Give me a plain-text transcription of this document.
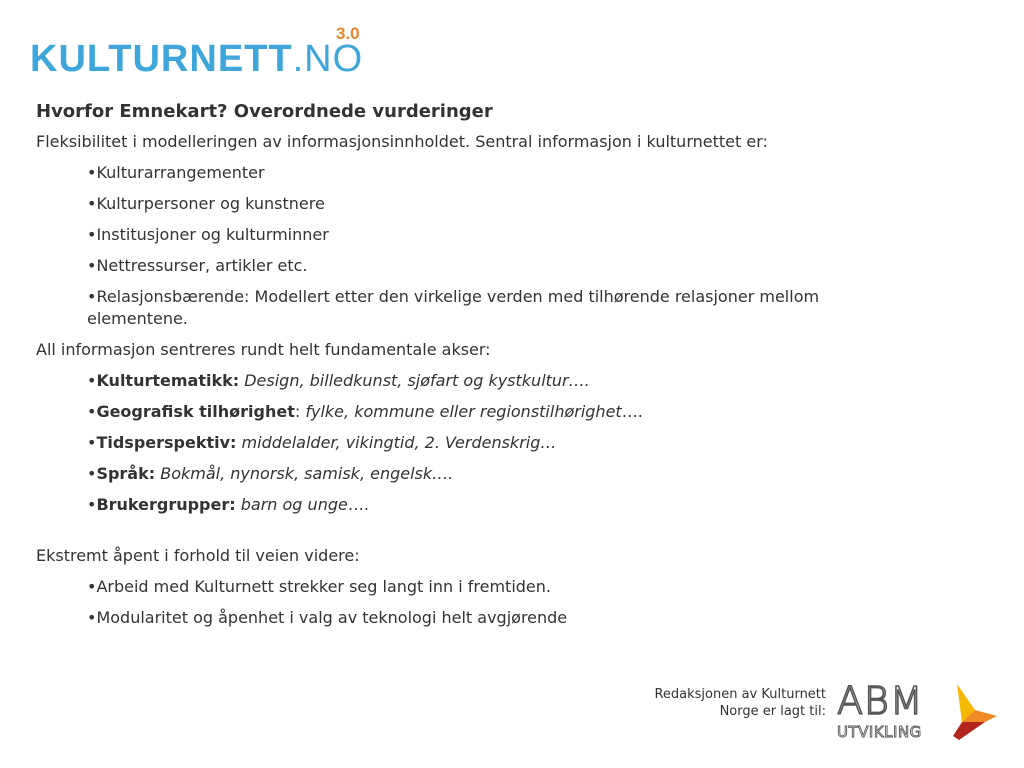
KULTURNETT.NO
3.0
Hvorfor Emnekart? Overordnede vurderinger

Fleksibilitet i modelleringen av informasjonsinnholdet. Sentral informasjon i kulturnettet er:

•Kulturarrangementer
•Kulturpersoner og kunstnere
•Institusjoner og kulturminner
•Nettressurser, artikler etc.
•Relasjonsbærende: Modellert etter den virkelige verden med tilhørende relasjoner mellom elementene.

All informasjon sentreres rundt helt fundamentale akser:

•Kulturtematikk: Design, billedkunst, sjøfart og kystkultur….
•Geografisk tilhørighet: fylke, kommune eller regionstilhørighet….
•Tidsperspektiv: middelalder, vikingtid, 2. Verdenskrig…
•Språk: Bokmål, nynorsk, samisk, engelsk….
•Brukergrupper: barn og unge….

Ekstremt åpent i forhold til veien videre:

•Arbeid med Kulturnett strekker seg langt inn i fremtiden.
•Modularitet og åpenhet i valg av teknologi helt avgjørende
Redaksjonen av Kulturnett
Norge er lagt til: ABM
UTVIKLING
